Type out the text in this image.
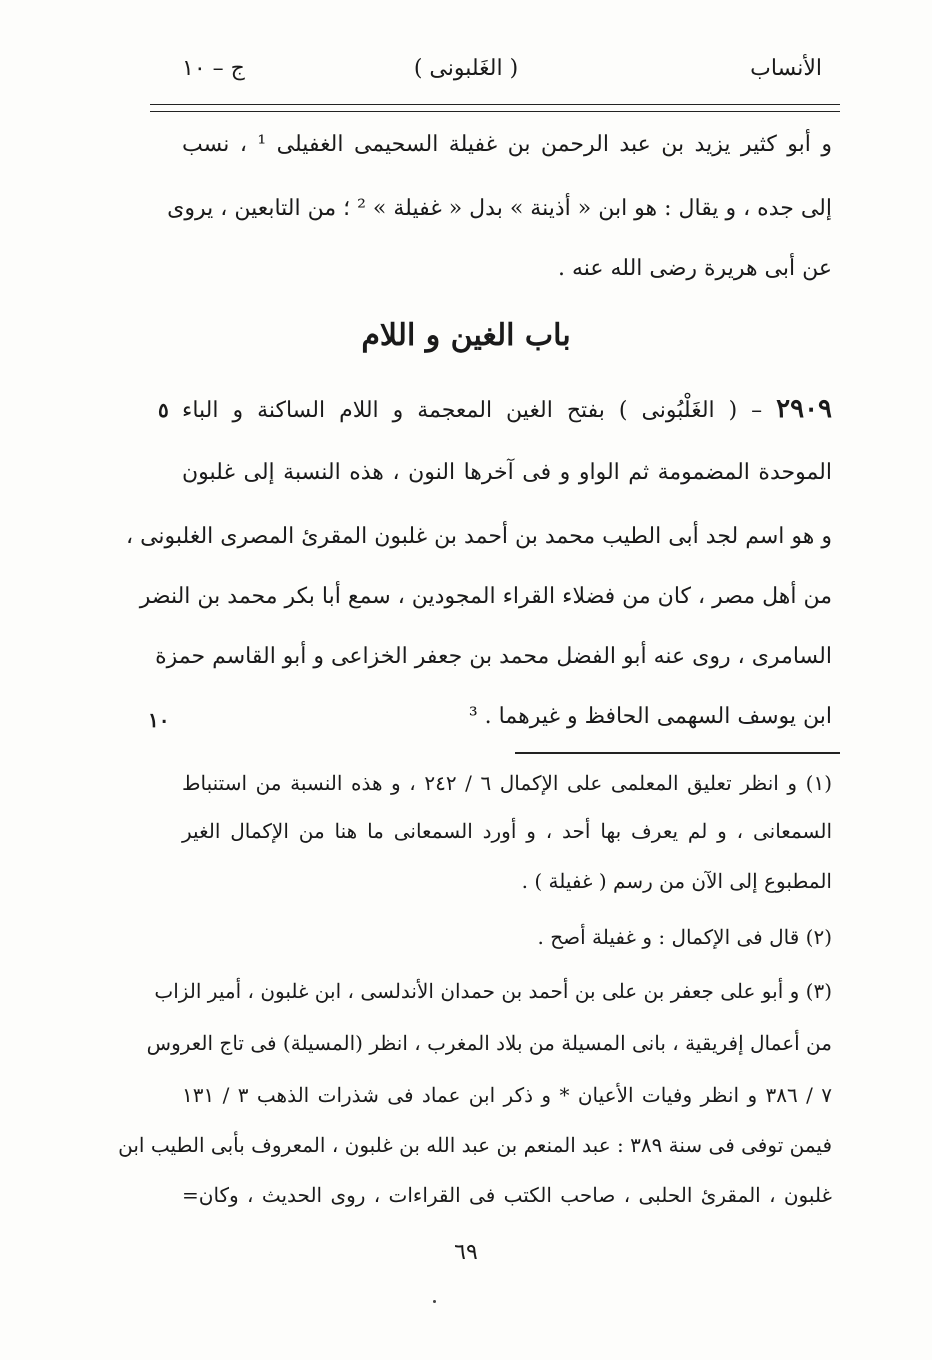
الأنساب
( الغَلبونى )
ج – ١٠
و أبو كثير يزيد بن عبد الرحمن بن غفيلة السحيمى الغفيلى ¹ ، نسب
إلى جده ، و يقال : هو ابن « أذينة » بدل « غفيلة » ² ؛ من التابعين ، يروى
عن أبى هريرة رضى الله عنه .
باب الغين و اللام
٢٩٠٩ – ( الغَلْبُونى ) بفتح الغين المعجمة و اللام الساكنة و الباء
٥
الموحدة المضمومة ثم الواو و فى آخرها النون ، هذه النسبة إلى غلبون
و هو اسم لجد أبى الطيب محمد بن أحمد بن غلبون المقرئ المصرى الغلبونى ،
من أهل مصر ، كان من فضلاء القراء المجودين ، سمع أبا بكر محمد بن النضر
السامرى ، روى عنه أبو الفضل محمد بن جعفر الخزاعى و أبو القاسم حمزة
ابن يوسف السهمى الحافظ و غيرهما . ³
١٠
(١) و انظر تعليق المعلمى على الإكمال ٦ / ٢٤٢ ، و هذه النسبة من استنباط
السمعانى ، و لم يعرف بها أحد ، و أورد السمعانى ما هنا من الإكمال الغير
المطبوع إلى الآن من رسم ( غفيلة ) .
(٢) قال فى الإكمال : و غفيلة أصح .
(٣) و أبو على جعفر بن على بن أحمد بن حمدان الأندلسى ، ابن غلبون ، أمير الزاب
من أعمال إفريقية ، بانى المسيلة من بلاد المغرب ، انظر (المسيلة) فى تاج العروس
٧ / ٣٨٦ و انظر وفيات الأعيان * و ذكر ابن عماد فى شذرات الذهب ٣ / ١٣١
فيمن توفى فى سنة ٣٨٩ : عبد المنعم بن عبد الله بن غلبون ، المعروف بأبى الطيب ابن
غلبون ، المقرئ الحلبى ، صاحب الكتب فى القراءات ، روى الحديث ، وكان=
٦٩
